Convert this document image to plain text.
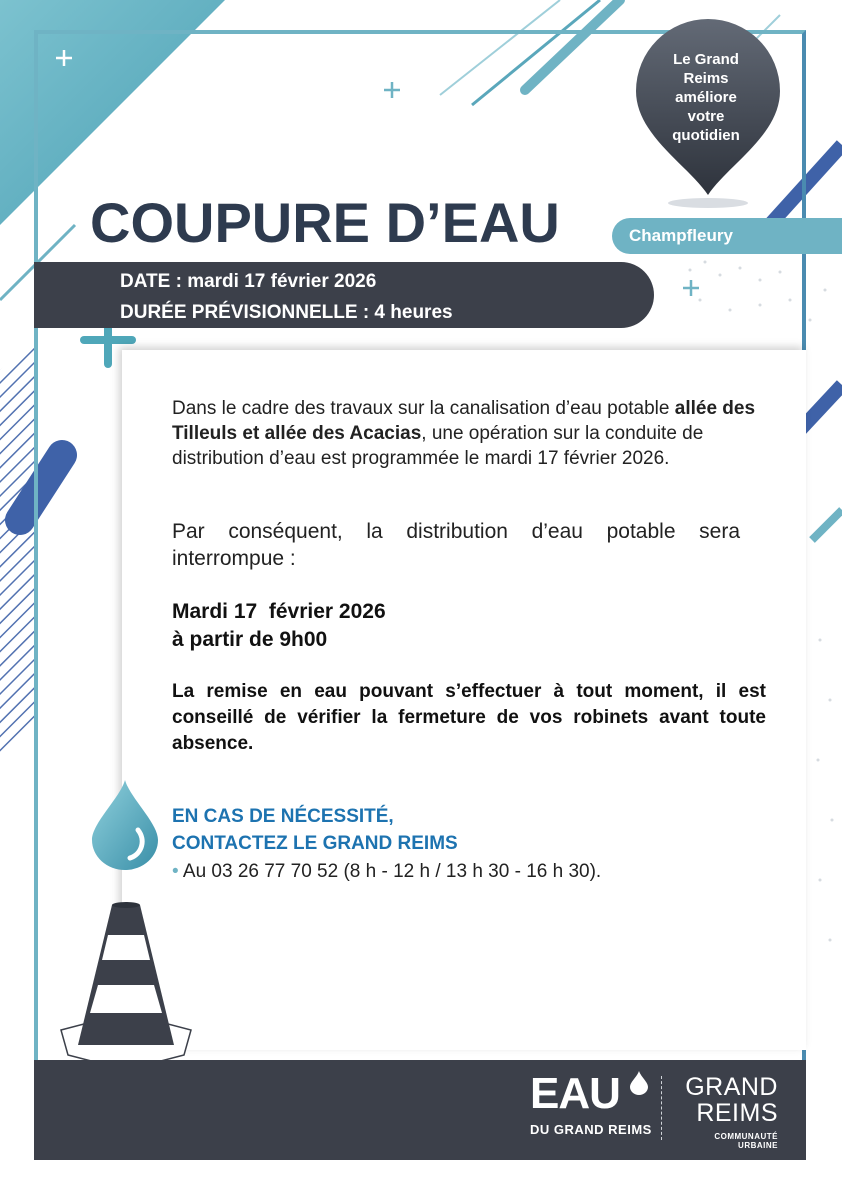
Le Grand
Reims
améliore
votre
quotidien
COUPURE D’EAU	Champfleury
DATE : mardi 17 février 2026
DURÉE PRÉVISIONNELLE : 4 heures
Dans le cadre des travaux sur la canalisation d’eau potable allée des Tilleuls et allée des Acacias, une opération sur la conduite de distribution d’eau est programmée le mardi 17 février 2026.
Par conséquent, la distribution d’eau potable sera interrompue :
Mardi 17  février 2026
à partir de 9h00
La remise en eau pouvant s’effectuer à tout moment, il est conseillé de vérifier la fermeture de vos robinets avant toute absence.
EN CAS DE NÉCESSITÉ,
CONTACTEZ LE GRAND REIMS
• Au 03 26 77 70 52 (8 h - 12 h / 13 h 30 - 16 h 30).
EAU
DU GRAND REIMS
GRAND
REIMS
COMMUNAUTÉ URBAINE
